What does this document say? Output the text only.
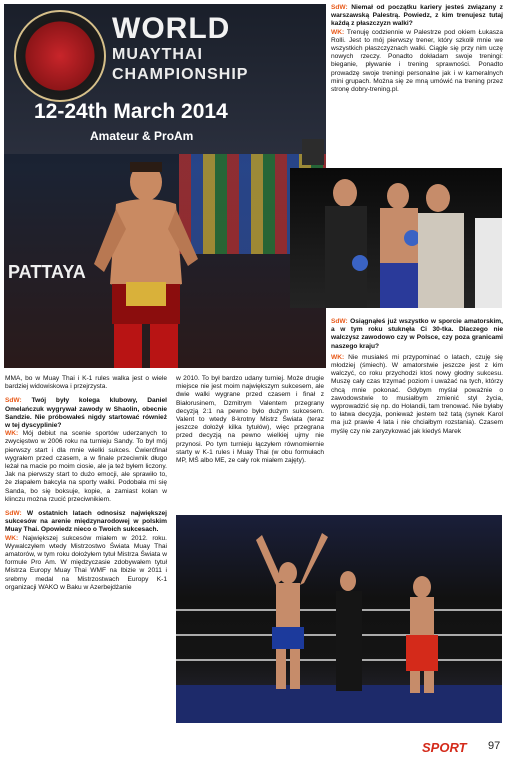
WORLD
MUAYTHAI
CHAMPIONSHIP
12-24th March 2014
Amateur & ProAm
PATTAYA

SdW: Niemał od początku kariery jesteś związany z warszawską Palestrą. Powiedz, z kim trenujesz tutaj każdą z płaszczyzn walki?

WK: Trenuję codziennie w Palestrze pod okiem Łukasza Rolli. Jest to mój pierwszy trener, który szkolił mnie we wszystkich płaszczyznach walki. Ciągle się przy nim uczę nowych rzeczy. Ponadto dokładam swoje treningi: bieganie, pływanie i trening sprawności. Ponadto prowadzę swoje treningi personalne jak i w kameralnych mini grupach. Można się ze mną umówić na trening przez stronę dobry-trening.pl.

SdW: Osiągnąłeś już wszystko w sporcie amatorskim, a w tym roku stuknęła Ci 30-tka. Dlaczego nie walczysz zawodowo czy w Polsce, czy poza granicami naszego kraju?

WK: Nie musiałeś mi przypominać o latach, czuję się młodziej (śmiech). W amatorstwie jeszcze jest z kim walczyć, co roku przychodzi ktoś nowy głodny sukcesu. Muszę cały czas trzymać poziom i uważać na tych, którzy chcą mnie pokonać. Gdybym myślał poważnie o zawodowstwie to musiałbym zmienić styl życia, wyprowadzić się np. do Holandii, tam trenować. Nie byłaby to łatwa decyzja, ponieważ jestem też tatą (synek Karol ma już prawie 4 lata i nie chciałbym rozstania). Czasem myślę czy nie zaryzykować jak kiedyś Marek

MMA, bo w Muay Thai i K-1 rules walka jest o wiele bardziej widowiskowa i przejrzysta.

SdW: Twój były kolega klubowy, Daniel Omelańczuk wygrywał zawody w Shaolin, obecnie Sandzie. Nie próbowałeś nigdy startować również w tej dyscyplinie?

WK: Mój debiut na scenie sportów uderzanych to zwycięstwo w 2006 roku na turnieju Sandy. To był mój pierwszy start i dla mnie wielki sukces. Ćwierćfinał wygrałem przed czasem, a w finale przeciwnik długo leżał na macie po moim ciosie, ale ja też byłem liczony. Jak na pierwszy start to dużo emocji, ale sprawiło to, że złapałem bakcyla na sporty walki. Podobała mi się Sanda, bo się boksuje, kopie, a zamiast kolan w klinczu można rzucić przeciwnikiem.

SdW: W ostatnich latach odnosisz największej sukcesów na arenie międzynarodowej w polskim Muay Thai. Opowiedz nieco o Twoich sukcesach.

WK: Największej sukcesów miałem w 2012. roku. Wywalczyłem wtedy Mistrzostwo Świata Muay Thai amatorów, w tym roku dołożyłem tytuł Mistrza Świata w formule Pro Am. W międzyczasie zdobywałem tytuł Mistrza Europy Muay Thai WMF na Ibizie w 2011 i srebrny medal na Mistrzostwach Europy K-1 organizacji WAKO w Baku w Azerbejdżanie

w 2010. To był bardzo udany turniej. Może drugie miejsce nie jest moim największym sukcesem, ale dwie walki wygrane przed czasem i finał z Białorusinem, Dzmitrym Valentem przegrany decyzją 2:1 na pewno było dużym sukcesem. Valent to wtedy 8-krotny Mistrz Świata (teraz jeszcze dołożył kilka tytułów), więc przegrana przed decyzją na pewno wielkiej ujmy nie przynosi. Po tym turnieju łączyłem równomiernie starty w K-1 rules i Muay Thai (w obu formułach MP, MŚ albo ME, ze cały rok miałem zajęty).

SPORT 97
